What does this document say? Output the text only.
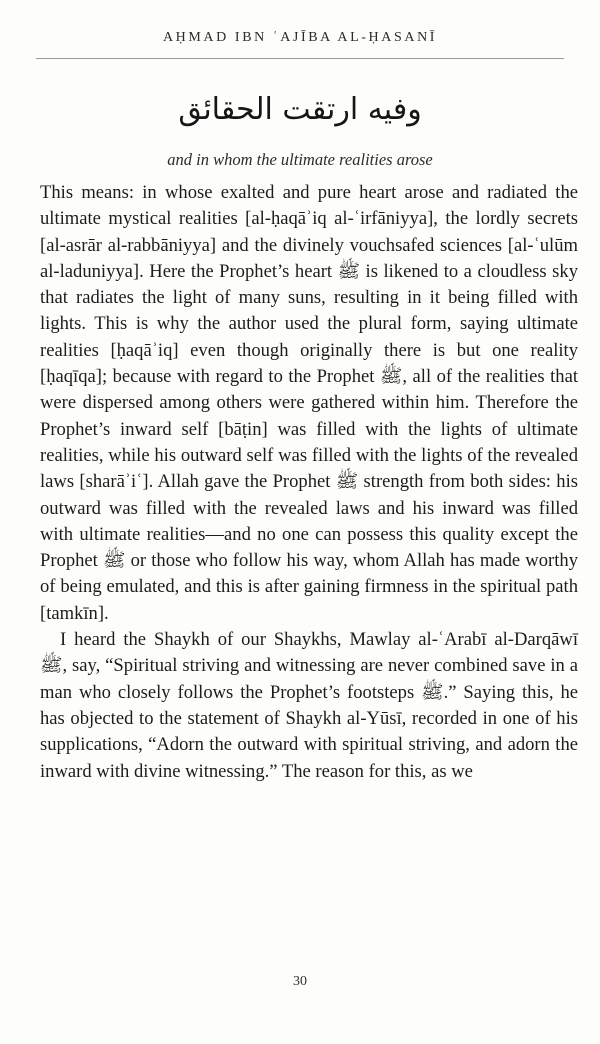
AḤMAD IBN ʿAJĪBA AL-ḤASANĪ
وفيه ارتقت الحقائق
and in whom the ultimate realities arose

This means: in whose exalted and pure heart arose and radiated the ultimate mystical realities [al-ḥaqāʾiq al-ʿirfāniyya], the lordly secrets [al-asrār al-rabbāniyya] and the divinely vouchsafed sciences [al-ʿulūm al-laduniyya]. Here the Prophet’s heart ﷺ is likened to a cloudless sky that radiates the light of many suns, resulting in it being filled with lights. This is why the author used the plural form, saying ultimate realities [ḥaqāʾiq] even though originally there is but one reality [ḥaqīqa]; because with regard to the Prophet ﷺ, all of the realities that were dispersed among others were gathered within him. Therefore the Prophet’s inward self [bāṭin] was filled with the lights of ultimate realities, while his outward self was filled with the lights of the revealed laws [sharāʾiʿ]. Allah gave the Prophet ﷺ strength from both sides: his outward was filled with the revealed laws and his inward was filled with ultimate realities—and no one can possess this quality except the Prophet ﷺ or those who follow his way, whom Allah has made worthy of being emulated, and this is after gaining firmness in the spiritual path [tamkīn].

I heard the Shaykh of our Shaykhs, Mawlay al-ʿArabī al-Darqāwī ﷺ, say, “Spiritual striving and witnessing are never combined save in a man who closely follows the Prophet’s footsteps ﷺ.” Saying this, he has objected to the statement of Shaykh al-Yūsī, recorded in one of his supplications, “Adorn the outward with spiritual striving, and adorn the inward with divine witnessing.” The reason for this, as we

30
